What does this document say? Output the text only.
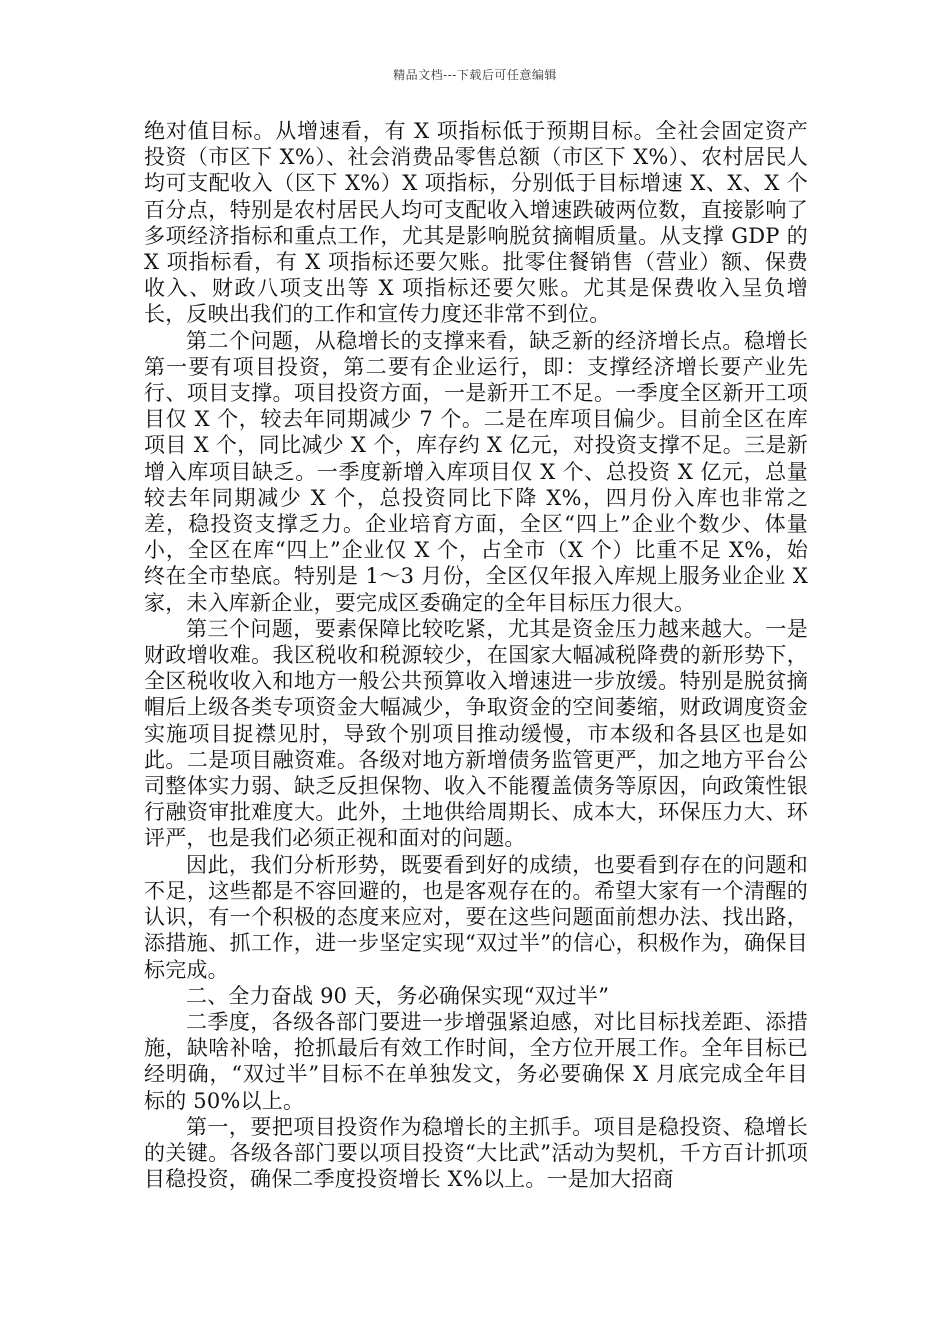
精品文档---下载后可任意编辑

绝对值目标。从增速看，有 X 项指标低于预期目标。全社会固定资产投资（市区下 X%）、社会消费品零售总额（市区下 X%）、农村居民人均可支配收入（区下 X%）X 项指标，分别低于目标增速 X、X、X 个百分点，特别是农村居民人均可支配收入增速跌破两位数，直接影响了多项经济指标和重点工作，尤其是影响脱贫摘帽质量。从支撑 GDP 的 X 项指标看，有 X 项指标还要欠账。批零住餐销售（营业）额、保费收入、财政八项支出等 X 项指标还要欠账。尤其是保费收入呈负增长，反映出我们的工作和宣传力度还非常不到位。

第二个问题，从稳增长的支撑来看，缺乏新的经济增长点。稳增长第一要有项目投资，第二要有企业运行，即：支撑经济增长要产业先行、项目支撑。项目投资方面，一是新开工不足。一季度全区新开工项目仅 X 个，较去年同期减少 7 个。二是在库项目偏少。目前全区在库项目 X 个，同比减少 X 个，库存约 X 亿元，对投资支撑不足。三是新增入库项目缺乏。一季度新增入库项目仅 X 个、总投资 X 亿元，总量较去年同期减少 X 个，总投资同比下降 X%，四月份入库也非常之差，稳投资支撑乏力。企业培育方面，全区“四上”企业个数少、体量小，全区在库“四上”企业仅 X 个，占全市（X 个）比重不足 X%，始终在全市垫底。特别是 1～3 月份，全区仅年报入库规上服务业企业 X 家，未入库新企业，要完成区委确定的全年目标压力很大。

第三个问题，要素保障比较吃紧，尤其是资金压力越来越大。一是财政增收难。我区税收和税源较少，在国家大幅减税降费的新形势下，全区税收收入和地方一般公共预算收入增速进一步放缓。特别是脱贫摘帽后上级各类专项资金大幅减少，争取资金的空间萎缩，财政调度资金实施项目捉襟见肘，导致个别项目推动缓慢，市本级和各县区也是如此。二是项目融资难。各级对地方新增债务监管更严，加之地方平台公司整体实力弱、缺乏反担保物、收入不能覆盖债务等原因，向政策性银行融资审批难度大。此外，土地供给周期长、成本大，环保压力大、环评严，也是我们必须正视和面对的问题。

因此，我们分析形势，既要看到好的成绩，也要看到存在的问题和不足，这些都是不容回避的，也是客观存在的。希望大家有一个清醒的认识，有一个积极的态度来应对，要在这些问题面前想办法、找出路，添措施、抓工作，进一步坚定实现“双过半”的信心，积极作为，确保目标完成。

二、全力奋战 90 天，务必确保实现“双过半”

二季度，各级各部门要进一步增强紧迫感，对比目标找差距、添措施，缺啥补啥，抢抓最后有效工作时间，全方位开展工作。全年目标已经明确，“双过半”目标不在单独发文，务必要确保 X 月底完成全年目标的 50%以上。

第一，要把项目投资作为稳增长的主抓手。项目是稳投资、稳增长的关键。各级各部门要以项目投资“大比武”活动为契机，千方百计抓项目稳投资，确保二季度投资增长 X%以上。一是加大招商
